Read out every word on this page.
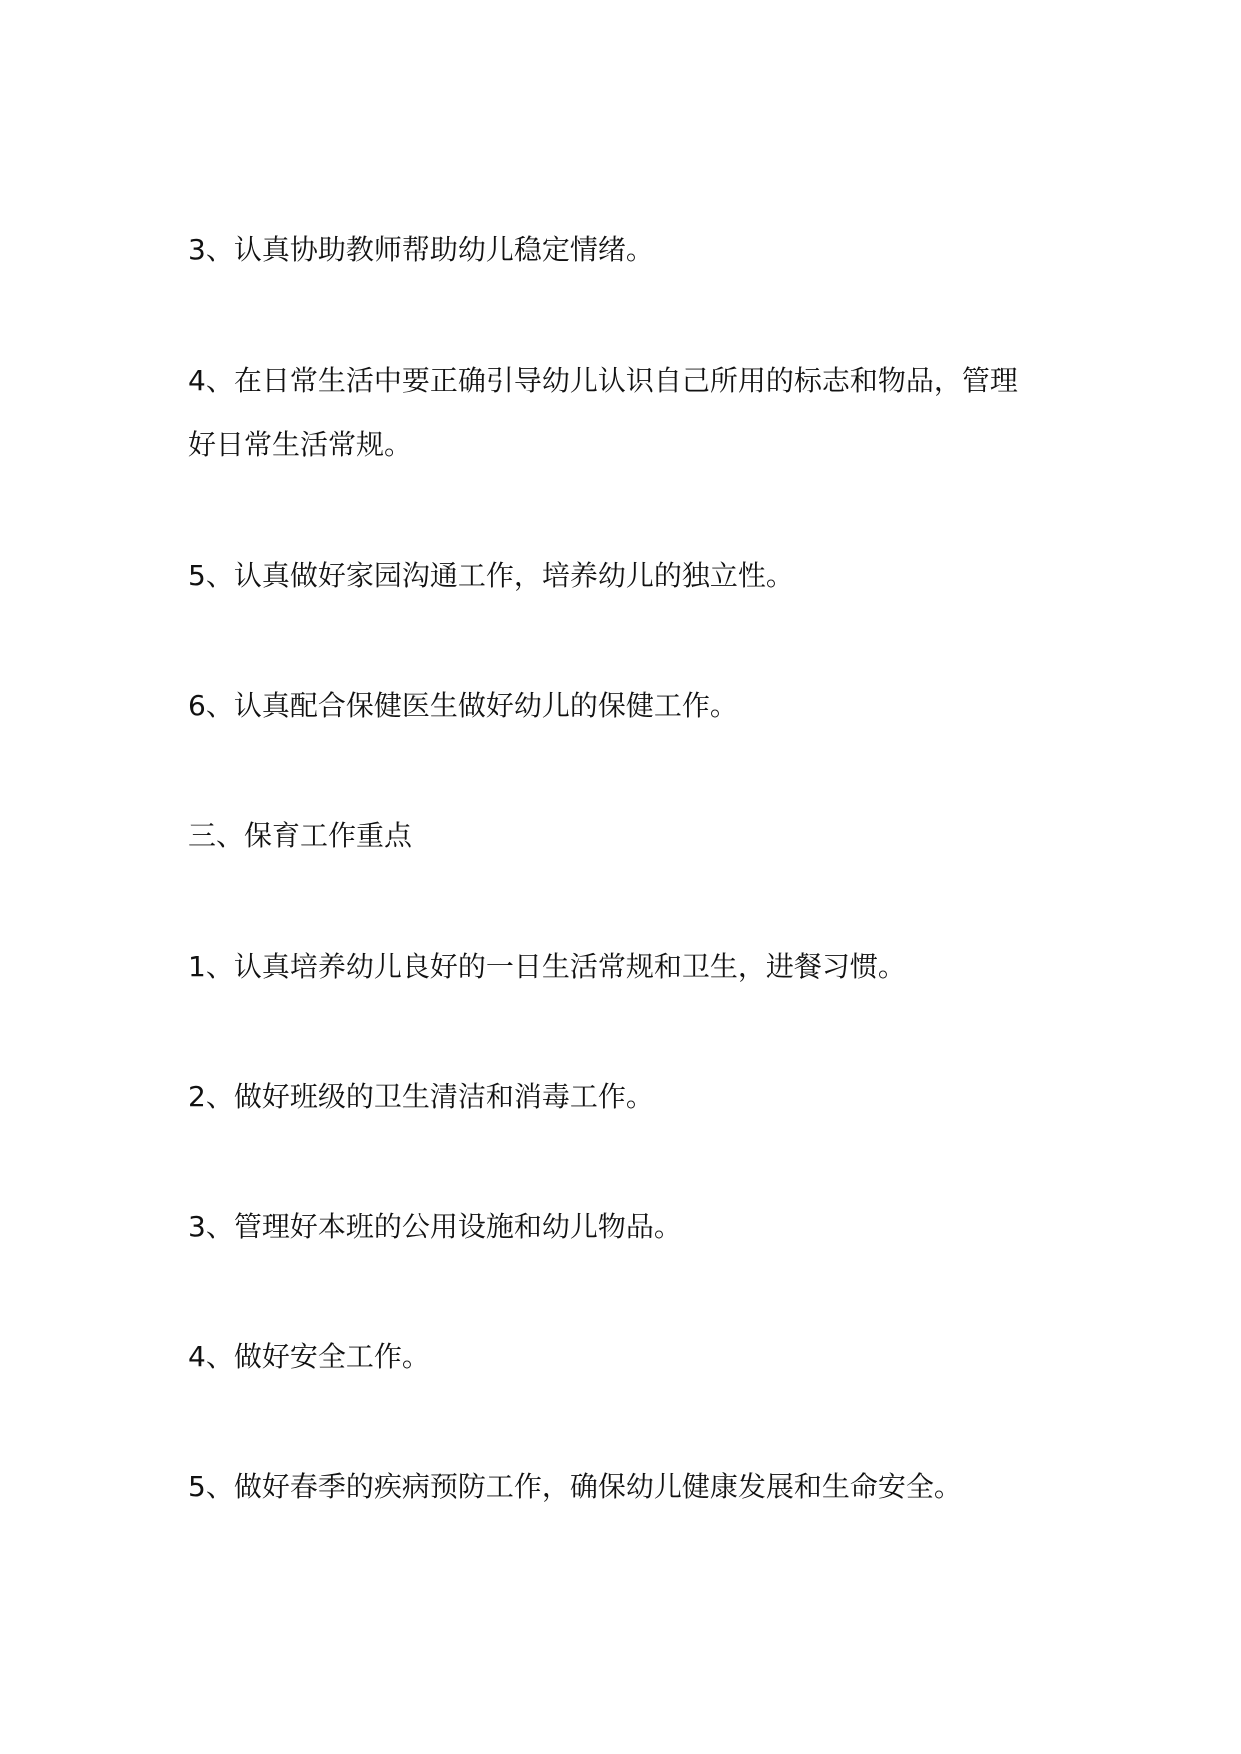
3、认真协助教师帮助幼儿稳定情绪。
4、在日常生活中要正确引导幼儿认识自己所用的标志和物品，管理
好日常生活常规。
5、认真做好家园沟通工作，培养幼儿的独立性。
6、认真配合保健医生做好幼儿的保健工作。
三、保育工作重点
1、认真培养幼儿良好的一日生活常规和卫生，进餐习惯。
2、做好班级的卫生清洁和消毒工作。
3、管理好本班的公用设施和幼儿物品。
4、做好安全工作。
5、做好春季的疾病预防工作，确保幼儿健康发展和生命安全。
